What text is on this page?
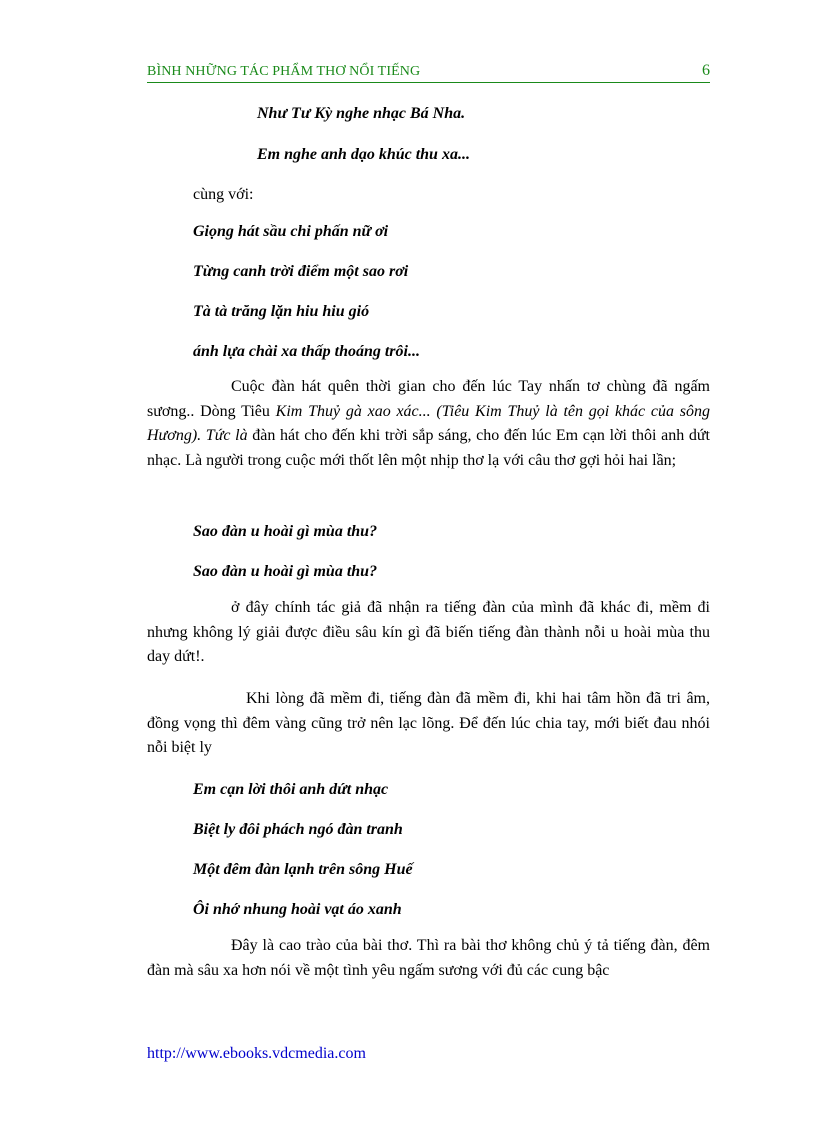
BÌNH NHỮNG TÁC PHẨM THƠ NỔI TIẾNG	6
Như Tư Kỳ nghe nhạc Bá Nha.
Em nghe anh dạo khúc thu xa...
cùng với:
Giọng hát sầu chi phấn nữ ơi
Từng canh trời điểm một sao rơi
Tà tà trăng lặn hiu hiu gió
ánh lựa chài xa thấp thoáng trôi...

Cuộc đàn hát quên thời gian cho đến lúc Tay nhấn tơ chùng đã ngấm sương.. Dòng Tiêu Kim Thuỷ gà xao xác... (Tiêu Kim Thuỷ là tên gọi khác của sông Hương). Tức là đàn hát cho đến khi trời sắp sáng, cho đến lúc Em cạn lời thôi anh dứt nhạc. Là người trong cuộc mới thốt lên một nhịp thơ lạ với câu thơ gợi hỏi hai lần;

Sao đàn u hoài gì mùa thu?
Sao đàn u hoài gì mùa thu?

ở đây chính tác giả đã nhận ra tiếng đàn của mình đã khác đi, mềm đi nhưng không lý giải được điều sâu kín gì đã biến tiếng đàn thành nỗi u hoài mùa thu day dứt!.

Khi lòng đã mềm đi, tiếng đàn đã mềm đi, khi hai tâm hồn đã tri âm, đồng vọng thì đêm vàng cũng trở nên lạc lõng. Để đến lúc chia tay, mới biết đau nhói nỗi biệt ly

Em cạn lời thôi anh dứt nhạc
Biệt ly đôi phách ngó đàn tranh
Một đêm đàn lạnh trên sông Huế
Ôi nhớ nhung hoài vạt áo xanh

Đây là cao trào của bài thơ. Thì ra bài thơ không chủ ý tả tiếng đàn, đêm đàn mà sâu xa hơn nói về một tình yêu ngấm sương với đủ các cung bậc

http://www.ebooks.vdcmedia.com
